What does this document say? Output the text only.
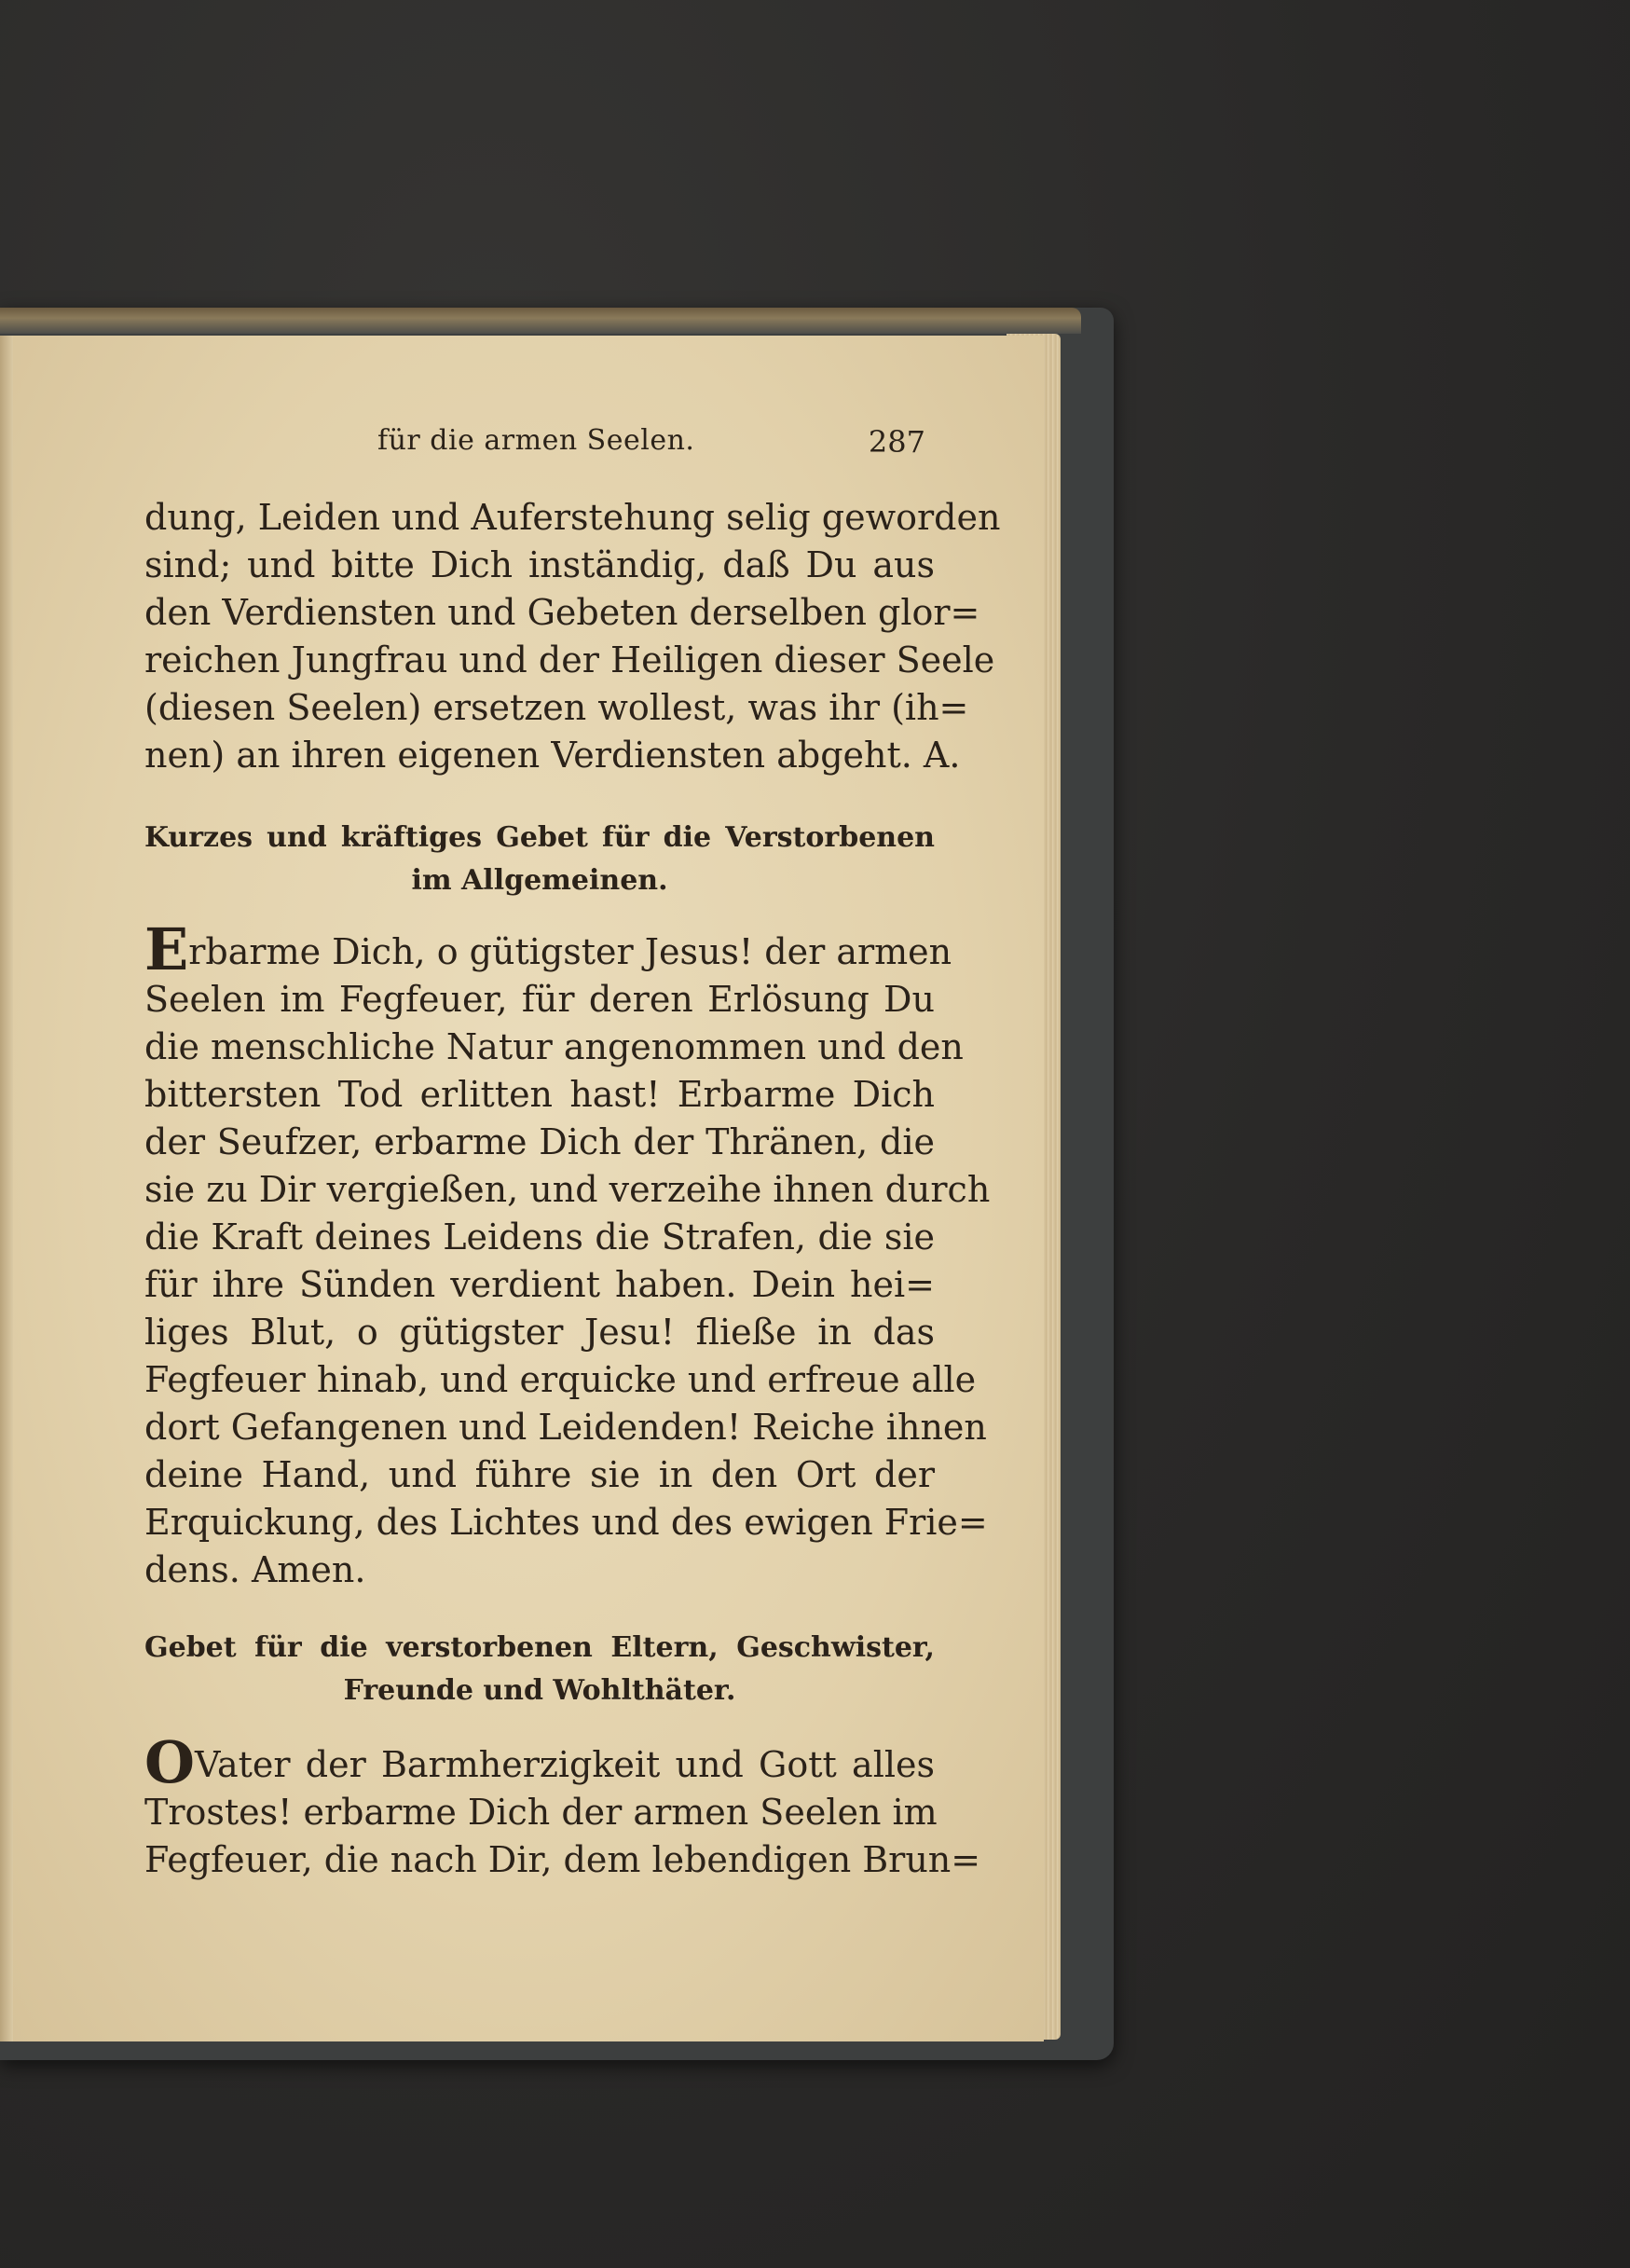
für die armen Seelen.	287
dung, Leiden und Auferstehung selig geworden
sind; und bitte Dich inständig, daß Du aus
den Verdiensten und Gebeten derselben glor=
reichen Jungfrau und der Heiligen dieser Seele
(diesen Seelen) ersetzen wollest, was ihr (ih=
nen) an ihren eigenen Verdiensten abgeht. A.
Kurzes und kräftiges Gebet für die Verstorbenen
im Allgemeinen.
Erbarme Dich, o gütigster Jesus! der armen
Seelen im Fegfeuer, für deren Erlösung Du
die menschliche Natur angenommen und den
bittersten Tod erlitten hast! Erbarme Dich
der Seufzer, erbarme Dich der Thränen, die
sie zu Dir vergießen, und verzeihe ihnen durch
die Kraft deines Leidens die Strafen, die sie
für ihre Sünden verdient haben. Dein hei=
liges Blut, o gütigster Jesu! fließe in das
Fegfeuer hinab, und erquicke und erfreue alle
dort Gefangenen und Leidenden! Reiche ihnen
deine Hand, und führe sie in den Ort der
Erquickung, des Lichtes und des ewigen Frie=
dens. Amen.
Gebet für die verstorbenen Eltern, Geschwister,
Freunde und Wohlthäter.
OVater der Barmherzigkeit und Gott alles
Trostes! erbarme Dich der armen Seelen im
Fegfeuer, die nach Dir, dem lebendigen Brun=
